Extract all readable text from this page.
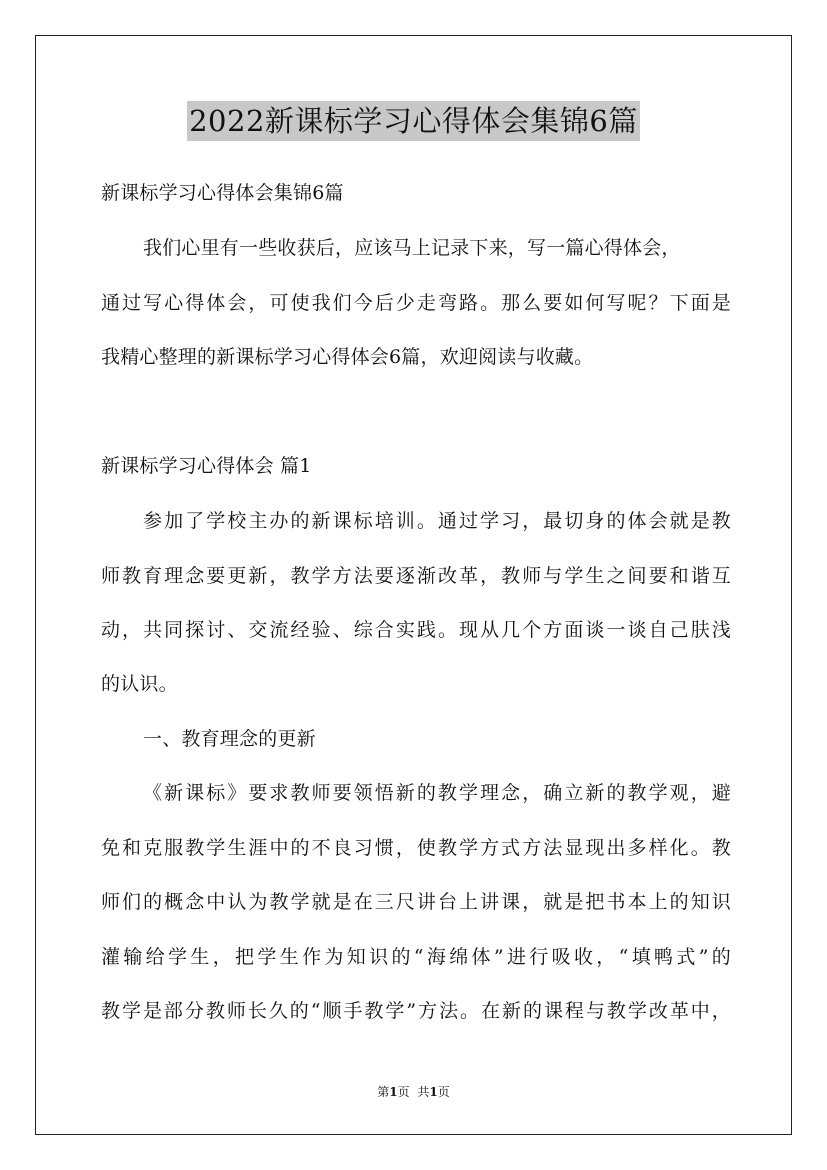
2022新课标学习心得体会集锦6篇
新课标学习心得体会集锦6篇
我们心里有一些收获后，应该马上记录下来，写一篇心得体会，
通过写心得体会，可使我们今后少走弯路。那么要如何写呢？下面是
我精心整理的新课标学习心得体会6篇，欢迎阅读与收藏。
新课标学习心得体会 篇1
参加了学校主办的新课标培训。通过学习，最切身的体会就是教
师教育理念要更新，教学方法要逐渐改革，教师与学生之间要和谐互
动，共同探讨、交流经验、综合实践。现从几个方面谈一谈自己肤浅
的认识。
一、教育理念的更新
《新课标》要求教师要领悟新的教学理念，确立新的教学观，避
免和克服教学生涯中的不良习惯，使教学方式方法显现出多样化。教
师们的概念中认为教学就是在三尺讲台上讲课，就是把书本上的知识
灌输给学生，把学生作为知识的“海绵体”进行吸收，“填鸭式”的
教学是部分教师长久的“顺手教学”方法。在新的课程与教学改革中，
第1页 共1页
